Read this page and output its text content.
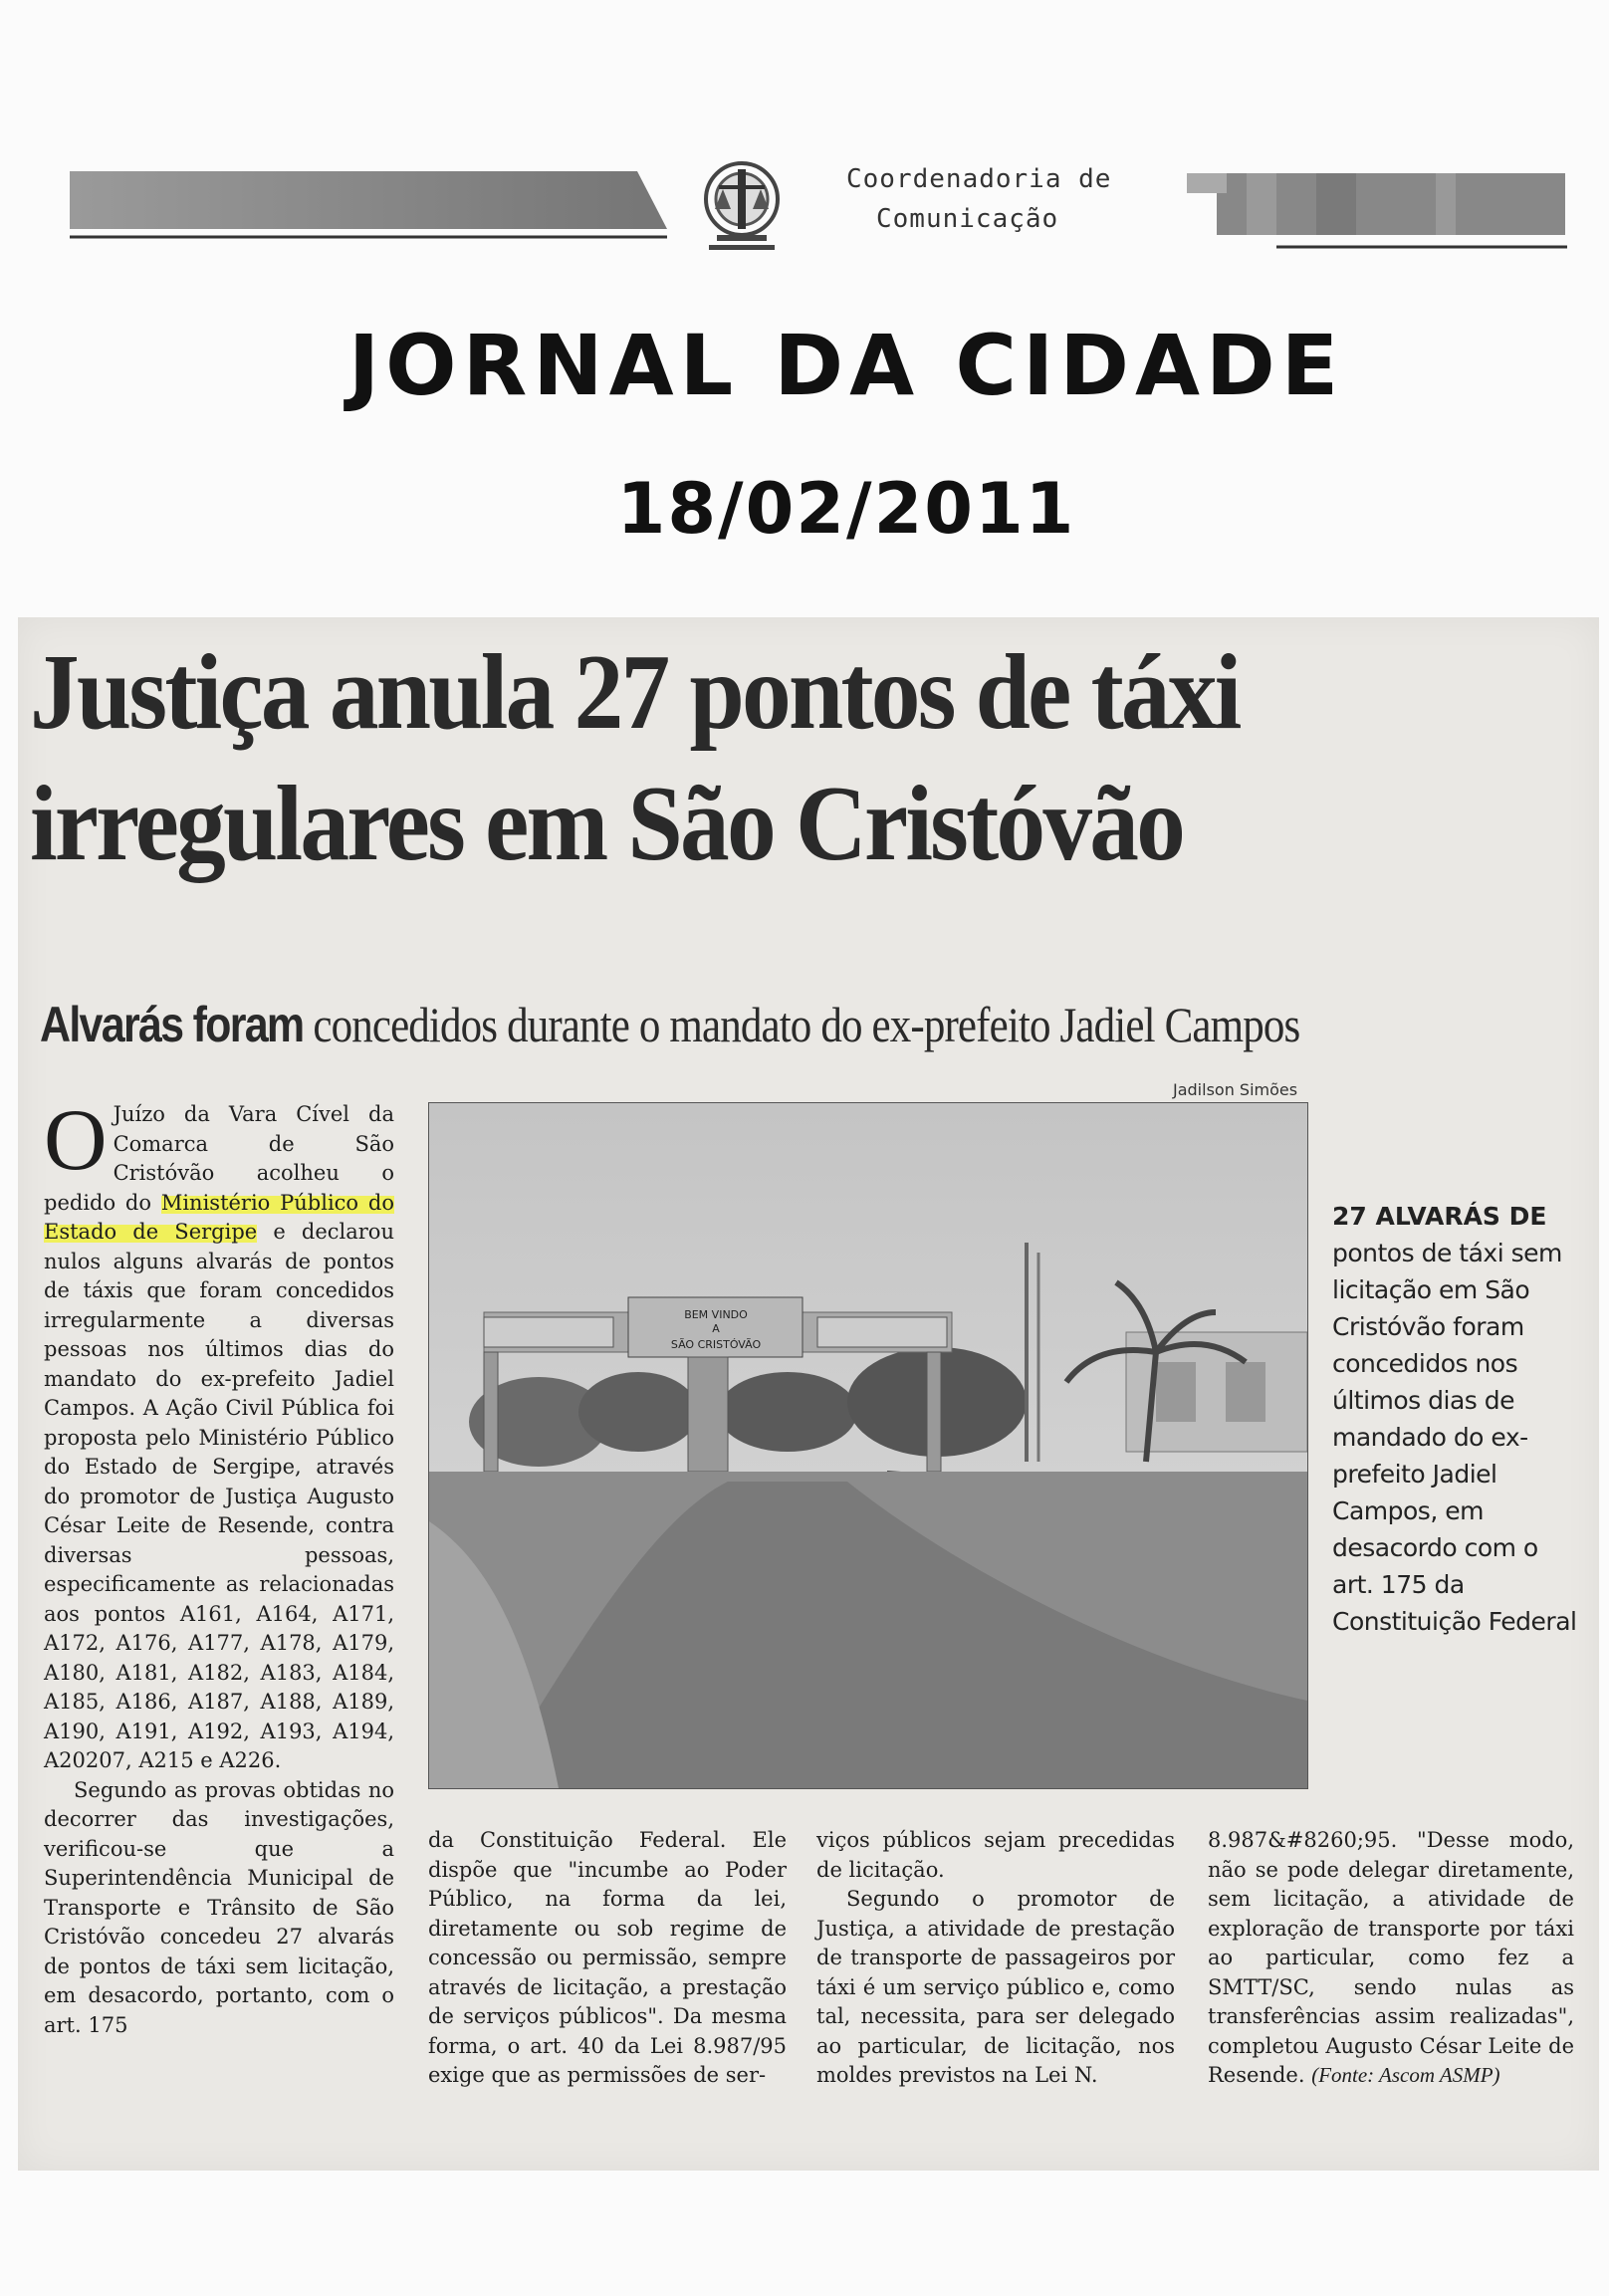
Coordenadoria de
Comunicação
JORNAL DA CIDADE
18/02/2011
Justiça anula 27 pontos de táxi
irregulares em São Cristóvão
Alvarás foram concedidos durante o mandato do ex-prefeito Jadiel Campos
Jadilson Simões
BEM VINDO
A
SÃO CRISTÓVÃO
27 ALVARÁS DE pontos de táxi sem licitação em São Cristóvão foram concedidos nos últimos dias de mandado do ex-prefeito Jadiel Campos, em desacordo com o art. 175 da Constituição Federal

O Juízo da Vara Cível da Comarca de São Cristóvão acolheu o pedido do Ministério Público do Estado de Sergipe e declarou nulos alguns alvarás de pontos de táxis que foram concedidos irregularmente a diversas pessoas nos últimos dias do mandato do ex-prefeito Jadiel Campos. A Ação Civil Pública foi proposta pelo Ministério Público do Estado de Sergipe, através do promotor de Justiça Augusto César Leite de Resende, contra diversas pessoas, especificamente as relacionadas aos pontos A161, A164, A171, A172, A176, A177, A178, A179, A180, A181, A182, A183, A184, A185, A186, A187, A188, A189, A190, A191, A192, A193, A194, A20207, A215 e A226.

Segundo as provas obtidas no decorrer das investigações, verificou-se que a Superintendência Municipal de Transporte e Trânsito de São Cristóvão concedeu 27 alvarás de pontos de táxi sem licitação, em desacordo, portanto, com o art. 175

da Constituição Federal. Ele dispõe que "incumbe ao Poder Público, na forma da lei, diretamente ou sob regime de concessão ou permissão, sempre através de licitação, a prestação de serviços públicos". Da mesma forma, o art. 40 da Lei 8.987/95 exige que as permissões de ser-

viços públicos sejam precedidas de licitação.

Segundo o promotor de Justiça, a atividade de prestação de transporte de passageiros por táxi é um serviço público e, como tal, necessita, para ser delegado ao particular, de licitação, nos moldes previstos na Lei N.

8.987&#8260;95. "Desse modo, não se pode delegar diretamente, sem licitação, a atividade de exploração de transporte por táxi ao particular, como fez a SMTT/SC, sendo nulas as transferências assim realizadas", completou Augusto César Leite de Resende. (Fonte: Ascom ASMP)
